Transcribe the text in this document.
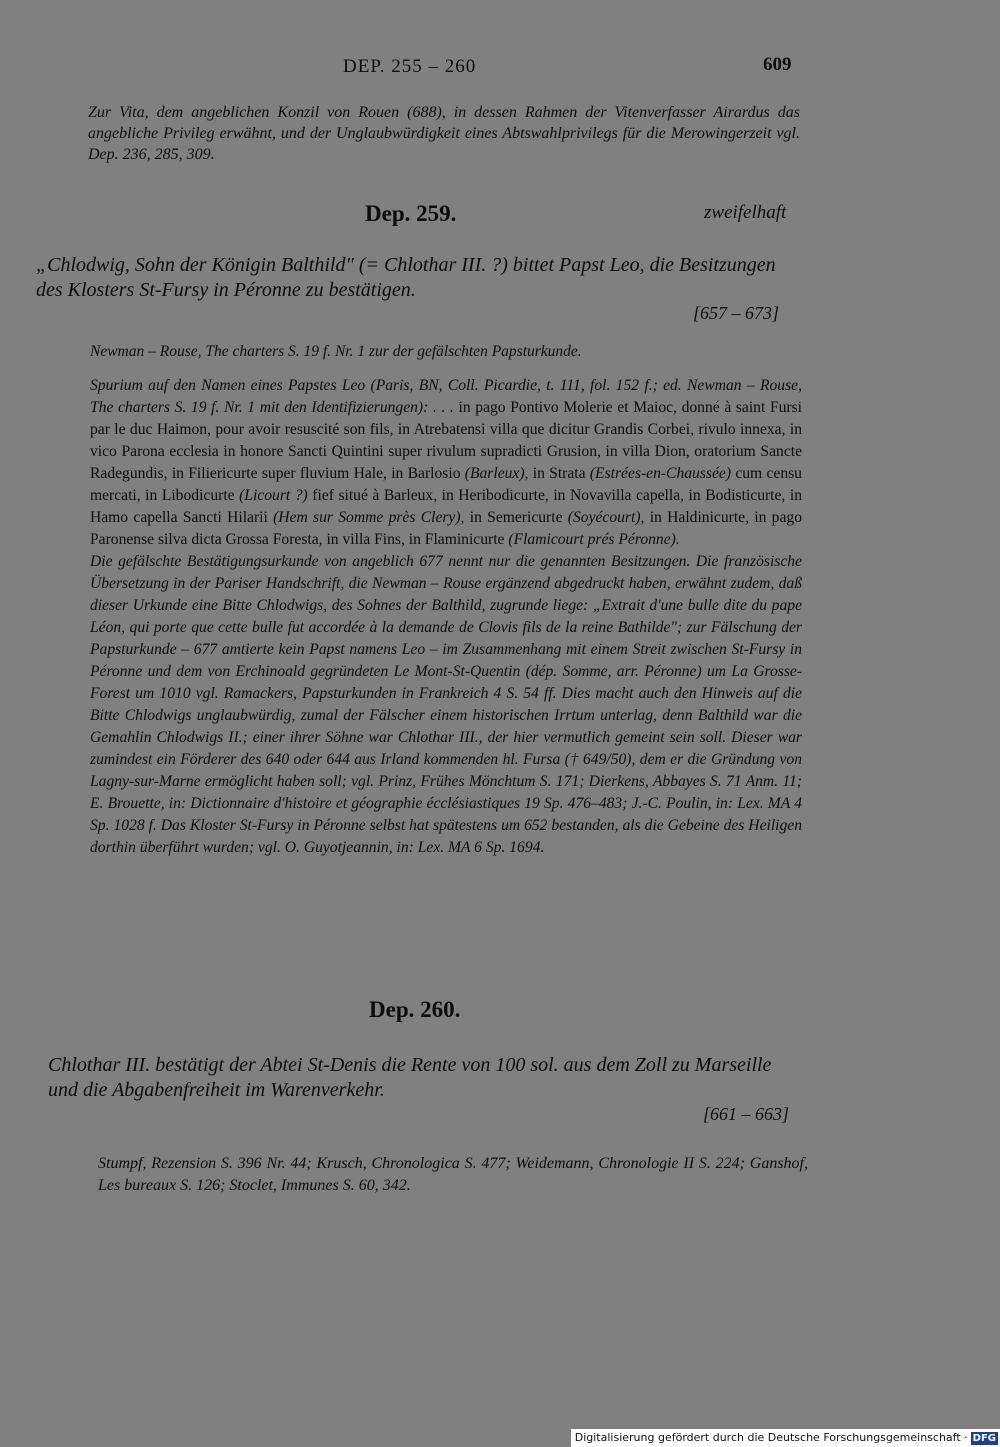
DEP. 255 – 260	609
Zur Vita, dem angeblichen Konzil von Rouen (688), in dessen Rahmen der Vitenverfasser Airardus das angebliche Privileg erwähnt, und der Unglaubwürdigkeit eines Abtswahlprivilegs für die Merowingerzeit vgl. Dep. 236, 285, 309.
Dep. 259.	zweifelhaft
„Chlodwig, Sohn der Königin Balthild" (= Chlothar III. ?) bittet Papst Leo, die Besitzungen des Klosters St-Fursy in Péronne zu bestätigen.
[657 – 673]
Newman – Rouse, The charters S. 19 f. Nr. 1 zur der gefälschten Papsturkunde.
Spurium auf den Namen eines Papstes Leo (Paris, BN, Coll. Picardie, t. 111, fol. 152 f.; ed. Newman – Rouse, The charters S. 19 f. Nr. 1 mit den Identifizierungen): . . . in pago Pontivo Molerie et Maioc, donné à saint Fursi par le duc Haimon, pour avoir resuscité son fils, in Atrebatensi villa que dicitur Grandis Corbei, rivulo innexa, in vico Parona ecclesia in honore Sancti Quintini super rivulum supradicti Grusion, in villa Dion, oratorium Sancte Radegundis, in Filiericurte super fluvium Hale, in Barlosio (Barleux), in Strata (Estrées-en-Chaussée) cum censu mercati, in Libodicurte (Licourt ?) fief situé à Barleux, in Heribodicurte, in Novavilla capella, in Bodisticurte, in Hamo capella Sancti Hilarii (Hem sur Somme près Clery), in Semericurte (Soyécourt), in Haldinicurte, in pago Paronense silva dicta Grossa Foresta, in villa Fins, in Flaminicurte (Flamicourt prés Péronne).
Die gefälschte Bestätigungsurkunde von angeblich 677 nennt nur die genannten Besitzungen. Die französische Übersetzung in der Pariser Handschrift, die Newman – Rouse ergänzend abgedruckt haben, erwähnt zudem, daß dieser Urkunde eine Bitte Chlodwigs, des Sohnes der Balthild, zugrunde liege: „Extrait d'une bulle dite du pape Léon, qui porte que cette bulle fut accordée à la demande de Clovis fils de la reine Bathilde"; zur Fälschung der Papsturkunde – 677 amtierte kein Papst namens Leo – im Zusammenhang mit einem Streit zwischen St-Fursy in Péronne und dem von Erchinoald gegründeten Le Mont-St-Quentin (dép. Somme, arr. Péronne) um La Grosse-Forest um 1010 vgl. Ramackers, Papsturkunden in Frankreich 4 S. 54 ff. Dies macht auch den Hinweis auf die Bitte Chlodwigs unglaubwürdig, zumal der Fälscher einem historischen Irrtum unterlag, denn Balthild war die Gemahlin Chlodwigs II.; einer ihrer Söhne war Chlothar III., der hier vermutlich gemeint sein soll. Dieser war zumindest ein Förderer des 640 oder 644 aus Irland kommenden hl. Fursa († 649/50), dem er die Gründung von Lagny-sur-Marne ermöglicht haben soll; vgl. Prinz, Frühes Mönchtum S. 171; Dierkens, Abbayes S. 71 Anm. 11; E. Brouette, in: Dictionnaire d'histoire et géographie écclésiastiques 19 Sp. 476–483; J.-C. Poulin, in: Lex. MA 4 Sp. 1028 f. Das Kloster St-Fursy in Péronne selbst hat spätestens um 652 bestanden, als die Gebeine des Heiligen dorthin überführt wurden; vgl. O. Guyotjeannin, in: Lex. MA 6 Sp. 1694.
Dep. 260.
Chlothar III. bestätigt der Abtei St-Denis die Rente von 100 sol. aus dem Zoll zu Marseille und die Abgabenfreiheit im Warenverkehr.
[661 – 663]
Stumpf, Rezension S. 396 Nr. 44; Krusch, Chronologica S. 477; Weidemann, Chronologie II S. 224; Ganshof, Les bureaux S. 126; Stoclet, Immunes S. 60, 342.
Digitalisierung gefördert durch die Deutsche Forschungsgemeinschaft · DFG
